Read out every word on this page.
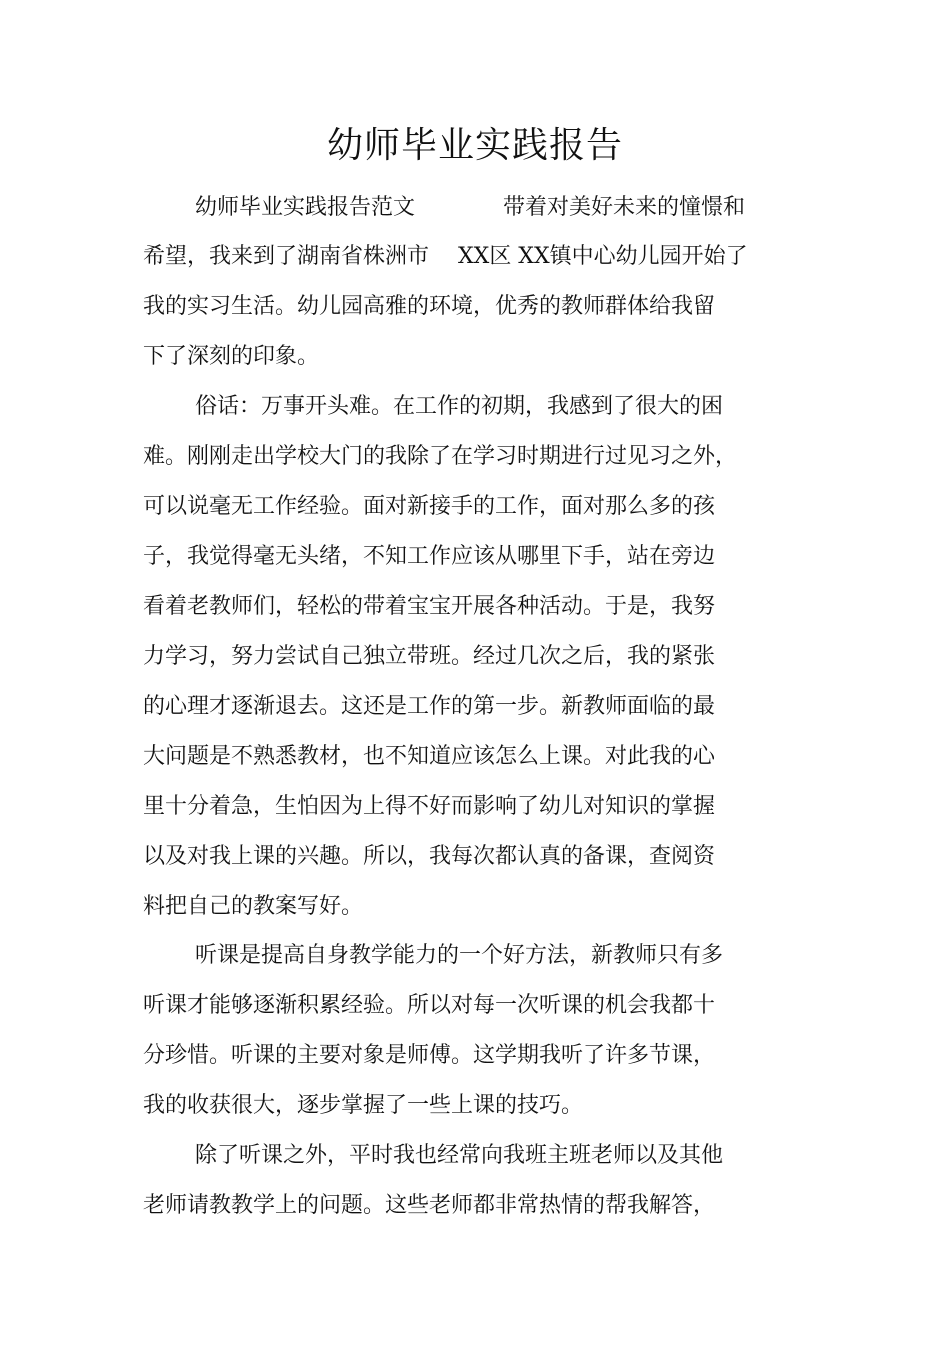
幼师毕业实践报告

幼师毕业实践报告范文　　　　带着对美好未来的憧憬和

希望，我来到了湖南省株洲市　 XX区 XX镇中心幼儿园开始了

我的实习生活。幼儿园高雅的环境，优秀的教师群体给我留

下了深刻的印象。

俗话：万事开头难。在工作的初期，我感到了很大的困

难。刚刚走出学校大门的我除了在学习时期进行过见习之外，

可以说毫无工作经验。面对新接手的工作，面对那么多的孩

子，我觉得毫无头绪，不知工作应该从哪里下手，站在旁边

看着老教师们，轻松的带着宝宝开展各种活动。于是，我努

力学习，努力尝试自己独立带班。经过几次之后，我的紧张

的心理才逐渐退去。这还是工作的第一步。新教师面临的最

大问题是不熟悉教材，也不知道应该怎么上课。对此我的心

里十分着急，生怕因为上得不好而影响了幼儿对知识的掌握

以及对我上课的兴趣。所以，我每次都认真的备课，查阅资

料把自己的教案写好。

听课是提高自身教学能力的一个好方法，新教师只有多

听课才能够逐渐积累经验。所以对每一次听课的机会我都十

分珍惜。听课的主要对象是师傅。这学期我听了许多节课，

我的收获很大，逐步掌握了一些上课的技巧。

除了听课之外，平时我也经常向我班主班老师以及其他

老师请教教学上的问题。这些老师都非常热情的帮我解答，
